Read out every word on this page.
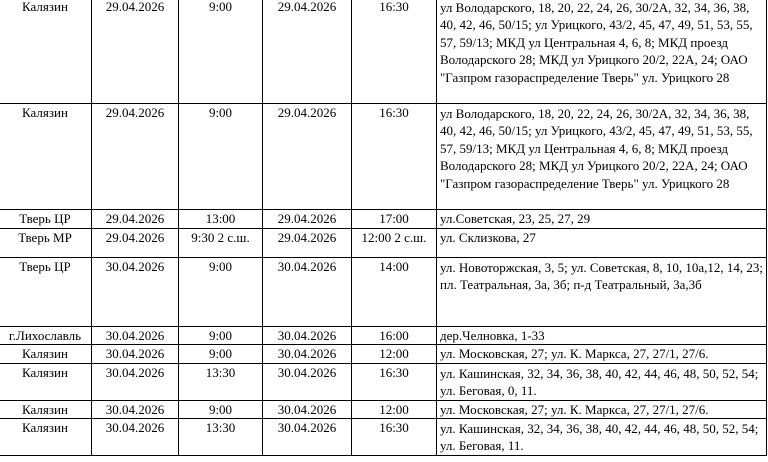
Калязин	29.04.2026	9:00	29.04.2026	16:30	ул Володарского, 18, 20, 22, 24, 26, 30/2А, 32, 34, 36, 38, 40, 42, 46, 50/15; ул Урицкого, 43/2, 45, 47, 49, 51, 53, 55, 57, 59/13; МКД ул Центральная 4, 6, 8; МКД проезд Володарского 28; МКД ул Урицкого 20/2, 22А, 24; ОАО "Газпром газораспределение Тверь" ул. Урицкого 28
Калязин	29.04.2026	9:00	29.04.2026	16:30	ул Володарского, 18, 20, 22, 24, 26, 30/2А, 32, 34, 36, 38, 40, 42, 46, 50/15; ул Урицкого, 43/2, 45, 47, 49, 51, 53, 55, 57, 59/13; МКД ул Центральная 4, 6, 8; МКД проезд Володарского 28; МКД ул Урицкого 20/2, 22А, 24; ОАО "Газпром газораспределение Тверь" ул. Урицкого 28
Тверь ЦР	29.04.2026	13:00	29.04.2026	17:00	ул.Советская, 23, 25, 27, 29
Тверь МР	29.04.2026	9:30 2 с.ш.	29.04.2026	12:00 2 с.ш.	ул. Склизкова, 27
Тверь ЦР	30.04.2026	9:00	30.04.2026	14:00	ул. Новоторжская, 3, 5; ул. Советская, 8, 10, 10а,12, 14, 23; пл. Театральная, 3а, 3б; п-д Театральный, 3а,3б
г.Лихославль	30.04.2026	9:00	30.04.2026	16:00	дер.Челновка, 1-33
Калязин	30.04.2026	9:00	30.04.2026	12:00	ул. Московская, 27; ул. К. Маркса, 27, 27/1, 27/6.
Калязин	30.04.2026	13:30	30.04.2026	16:30	ул. Кашинская, 32, 34, 36, 38, 40, 42, 44, 46, 48, 50, 52, 54; ул. Беговая, 0, 11.
Калязин	30.04.2026	9:00	30.04.2026	12:00	ул. Московская, 27; ул. К. Маркса, 27, 27/1, 27/6.
Калязин	30.04.2026	13:30	30.04.2026	16:30	ул. Кашинская, 32, 34, 36, 38, 40, 42, 44, 46, 48, 50, 52, 54; ул. Беговая, 11.
